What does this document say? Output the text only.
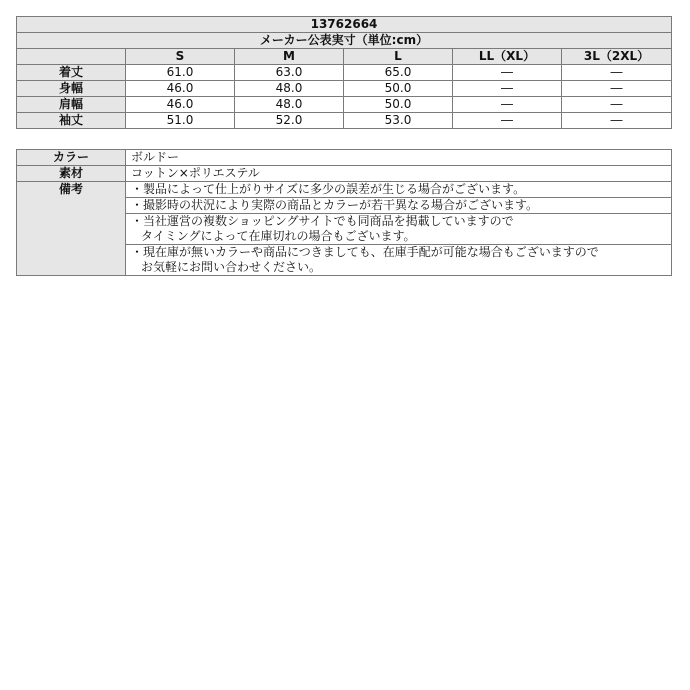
13762664					
メーカー公表実寸（単位:cm）					
	S	M	L	LL（XL）	3L（2XL）
着丈	61.0	63.0	65.0	―	―
身幅	46.0	48.0	50.0	―	―
肩幅	46.0	48.0	50.0	―	―
袖丈	51.0	52.0	53.0	―	―
カラー	ボルドー
素材	コットン×ポリエステル
備考	・製品によって仕上がりサイズに多少の誤差が生じる場合がございます。

	・撮影時の状況により実際の商品とカラーが若干異なる場合がございます。

	・当社運営の複数ショッピングサイトでも同商品を掲載していますので
タイミングによって在庫切れの場合もございます。

	・現在庫が無いカラーや商品につきましても、在庫手配が可能な場合もございますので
お気軽にお問い合わせください。
